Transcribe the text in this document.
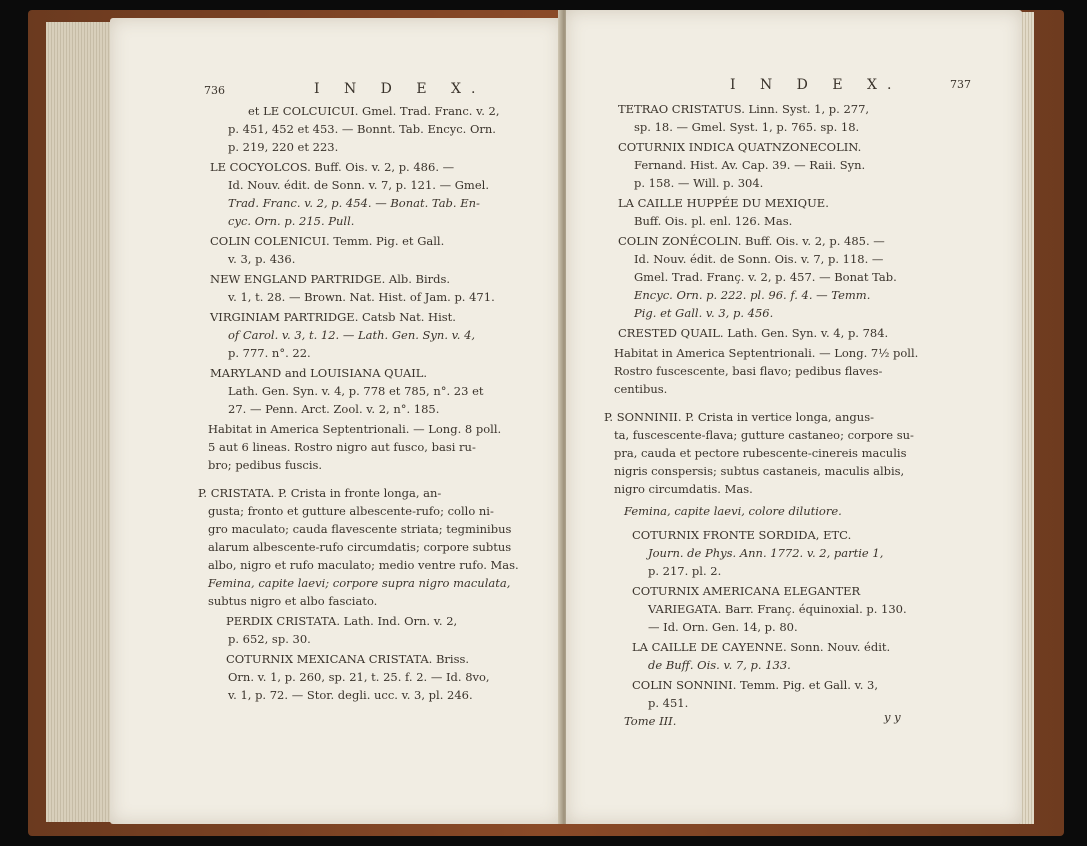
736	I N D E X.
et LE COLCUICUI. Gmel. Trad. Franc. v. 2,
p. 451, 452 et 453. — Bonnt. Tab. Encyc. Orn.
p. 219, 220 et 223.
LE COCYOLCOS. Buff. Ois. v. 2, p. 486. —
Id. Nouv. édit. de Sonn. v. 7, p. 121. — Gmel.
Trad. Franc. v. 2, p. 454. — Bonat. Tab. En-
cyc. Orn. p. 215. Pull.
COLIN COLENICUI. Temm. Pig. et Gall.
v. 3, p. 436.
NEW ENGLAND PARTRIDGE. Alb. Birds.
v. 1, t. 28. — Brown. Nat. Hist. of Jam. p. 471.
VIRGINIAM PARTRIDGE. Catsb Nat. Hist.
of Carol. v. 3, t. 12. — Lath. Gen. Syn. v. 4,
p. 777. n°. 22.
MARYLAND and LOUISIANA QUAIL.
Lath. Gen. Syn. v. 4, p. 778 et 785, n°. 23 et
27. — Penn. Arct. Zool. v. 2, n°. 185.
Habitat in America Septentrionali. — Long. 8 poll.
5 aut 6 lineas. Rostro nigro aut fusco, basi ru-
bro; pedibus fuscis.
P. CRISTATA. P. Crista in fronte longa, an-
gusta; fronto et gutture albescente-rufo; collo ni-
gro maculato; cauda flavescente striata; tegminibus
alarum albescente-rufo circumdatis; corpore subtus
albo, nigro et rufo maculato; medio ventre rufo. Mas.
Femina, capite laevi; corpore supra nigro maculata,
subtus nigro et albo fasciato.
PERDIX CRISTATA. Lath. Ind. Orn. v. 2,
p. 652, sp. 30.
COTURNIX MEXICANA CRISTATA. Briss.
Orn. v. 1, p. 260, sp. 21, t. 25. f. 2. — Id. 8vo,
v. 1, p. 72. — Stor. degli. ucc. v. 3, pl. 246.
I N D E X.	737
TETRAO CRISTATUS. Linn. Syst. 1, p. 277,
sp. 18. — Gmel. Syst. 1, p. 765. sp. 18.
COTURNIX INDICA QUATNZONECOLIN.
Fernand. Hist. Av. Cap. 39. — Raii. Syn.
p. 158. — Will. p. 304.
LA CAILLE HUPPÉE DU MEXIQUE.
Buff. Ois. pl. enl. 126. Mas.
COLIN ZONÉCOLIN. Buff. Ois. v. 2, p. 485. —
Id. Nouv. édit. de Sonn. Ois. v. 7, p. 118. —
Gmel. Trad. Franç. v. 2, p. 457. — Bonat Tab.
Encyc. Orn. p. 222. pl. 96. f. 4. — Temm.
Pig. et Gall. v. 3, p. 456.
CRESTED QUAIL. Lath. Gen. Syn. v. 4, p. 784.
Habitat in America Septentrionali. — Long. 7½ poll.
Rostro fuscescente, basi flavo; pedibus flaves-
centibus.
P. SONNINII. P. Crista in vertice longa, angus-
ta, fuscescente-flava; gutture castaneo; corpore su-
pra, cauda et pectore rubescente-cinereis maculis
nigris conspersis; subtus castaneis, maculis albis,
nigro circumdatis. Mas.
Femina, capite laevi, colore dilutiore.
COTURNIX FRONTE SORDIDA, ETC.
Journ. de Phys. Ann. 1772. v. 2, partie 1,
p. 217. pl. 2.
COTURNIX AMERICANA ELEGANTER
VARIEGATA. Barr. Franç. équinoxial. p. 130.
— Id. Orn. Gen. 14, p. 80.
LA CAILLE DE CAYENNE. Sonn. Nouv. édit.
de Buff. Ois. v. 7, p. 133.
COLIN SONNINI. Temm. Pig. et Gall. v. 3,
p. 451.
Tome III.	y y
